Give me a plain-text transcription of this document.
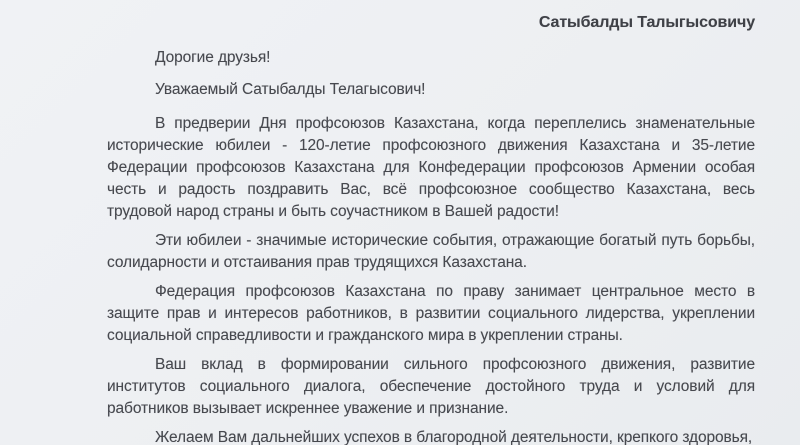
Сатыбалды Талыгысовичу

Дорогие друзья!

Уважаемый Сатыбалды Телагысович!

В предверии Дня профсоюзов Казахстана, когда переплелись знаменательные исторические юбилеи - 120-летие профсоюзного движения Казахстана и 35-летие Федерации профсоюзов Казахстана для Конфедерации профсоюзов Армении особая честь и радость поздравить Вас, всё профсоюзное сообщество Казахстана, весь трудовой народ страны и быть соучастником в Вашей радости!

Эти юбилеи - значимые исторические события, отражающие богатый путь борьбы, солидарности и отстаивания прав трудящихся Казахстана.

Федерация профсоюзов Казахстана по праву занимает центральное место в защите прав и интересов работников, в развитии социального лидерства, укреплении социальной справедливости и гражданского мира в укреплении страны.

Ваш вклад в формировании сильного профсоюзного движения, развитие институтов социального диалога, обеспечение достойного труда и условий для работников вызывает искреннее уважение и признание.

Желаем Вам дальнейших успехов в благородной деятельности, крепкого здоровья,
